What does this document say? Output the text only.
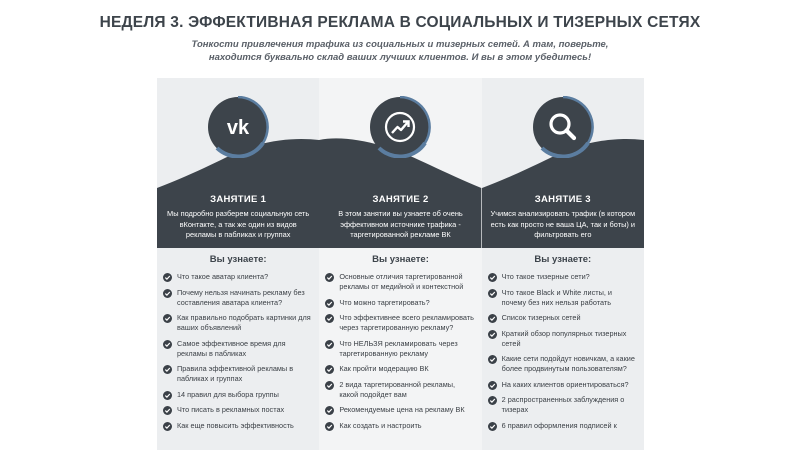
НЕДЕЛЯ 3. ЭФФЕКТИВНАЯ РЕКЛАМА В СОЦИАЛЬНЫХ И ТИЗЕРНЫХ СЕТЯХ
Тонкости привлечения трафика из социальных и тизерных сетей. А там, поверьте, находится буквально склад ваших лучших клиентов. И вы в этом убедитесь!
vk
ЗАНЯТИЕ 1
Мы подробно разберем социальную сеть вКонтакте, а так же один из видов рекламы в пабликах и группах
Вы узнаете:
Что такое аватар клиента?
Почему нельзя начинать рекламу без составления аватара клиента?
Как правильно подобрать картинки для ваших объявлений
Самое эффективное время для рекламы в пабликах
Правила эффективной рекламы в пабликах и группах
14 правил для выбора группы
Что писать в рекламных постах
Как еще повысить эффективность
ЗАНЯТИЕ 2
В этом занятии вы узнаете об очень эффективном источнике трафика - таргетированной рекламе ВК
Вы узнаете:
Основные отличия таргетированной рекламы от медийной и контекстной
Что можно таргетировать?
Что эффективнее всего рекламировать через таргетированную рекламу?
Что НЕЛЬЗЯ рекламировать через таргетированную рекламу
Как пройти модерацию ВК
2 вида таргетированной рекламы, какой подойдет вам
Рекомендуемые цена на рекламу ВК
Как создать и настроить
ЗАНЯТИЕ 3
Учимся анализировать трафик (в котором есть как просто не ваша ЦА, так и боты) и фильтровать его
Вы узнаете:
Что такое тизерные сети?
Что такое Black и White листы, и почему без них нельзя работать
Список тизерных сетей
Краткий обзор популярных тизерных сетей
Какие сети подойдут новичкам, а какие более продвинутым пользователям?
На каких клиентов ориентироваться?
2 распространенных заблуждения о тизерах
6 правил оформления подписей к
